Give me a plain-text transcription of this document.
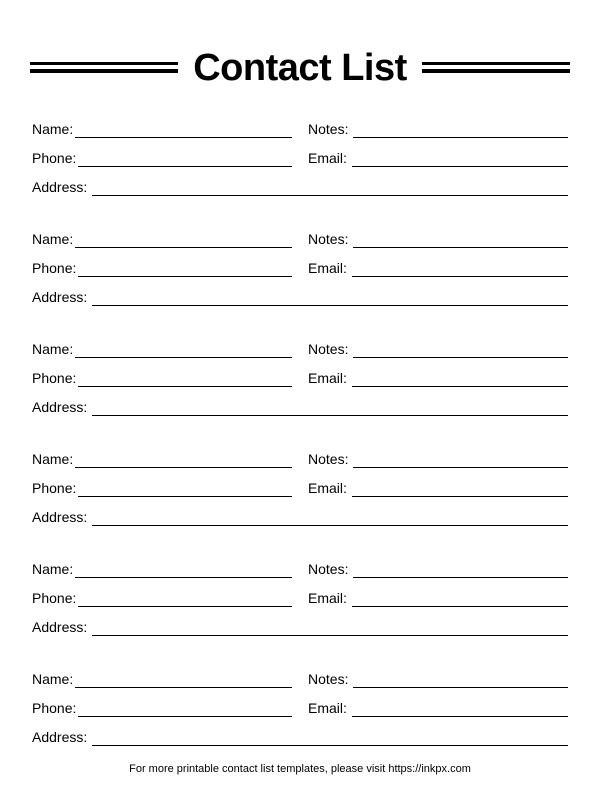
Contact List
Name:	Notes:
Phone:	Email:
Address:
Name:	Notes:
Phone:	Email:
Address:
Name:	Notes:
Phone:	Email:
Address:
Name:	Notes:
Phone:	Email:
Address:
Name:	Notes:
Phone:	Email:
Address:
Name:	Notes:
Phone:	Email:
Address:
For more printable contact list templates, please visit https://inkpx.com
